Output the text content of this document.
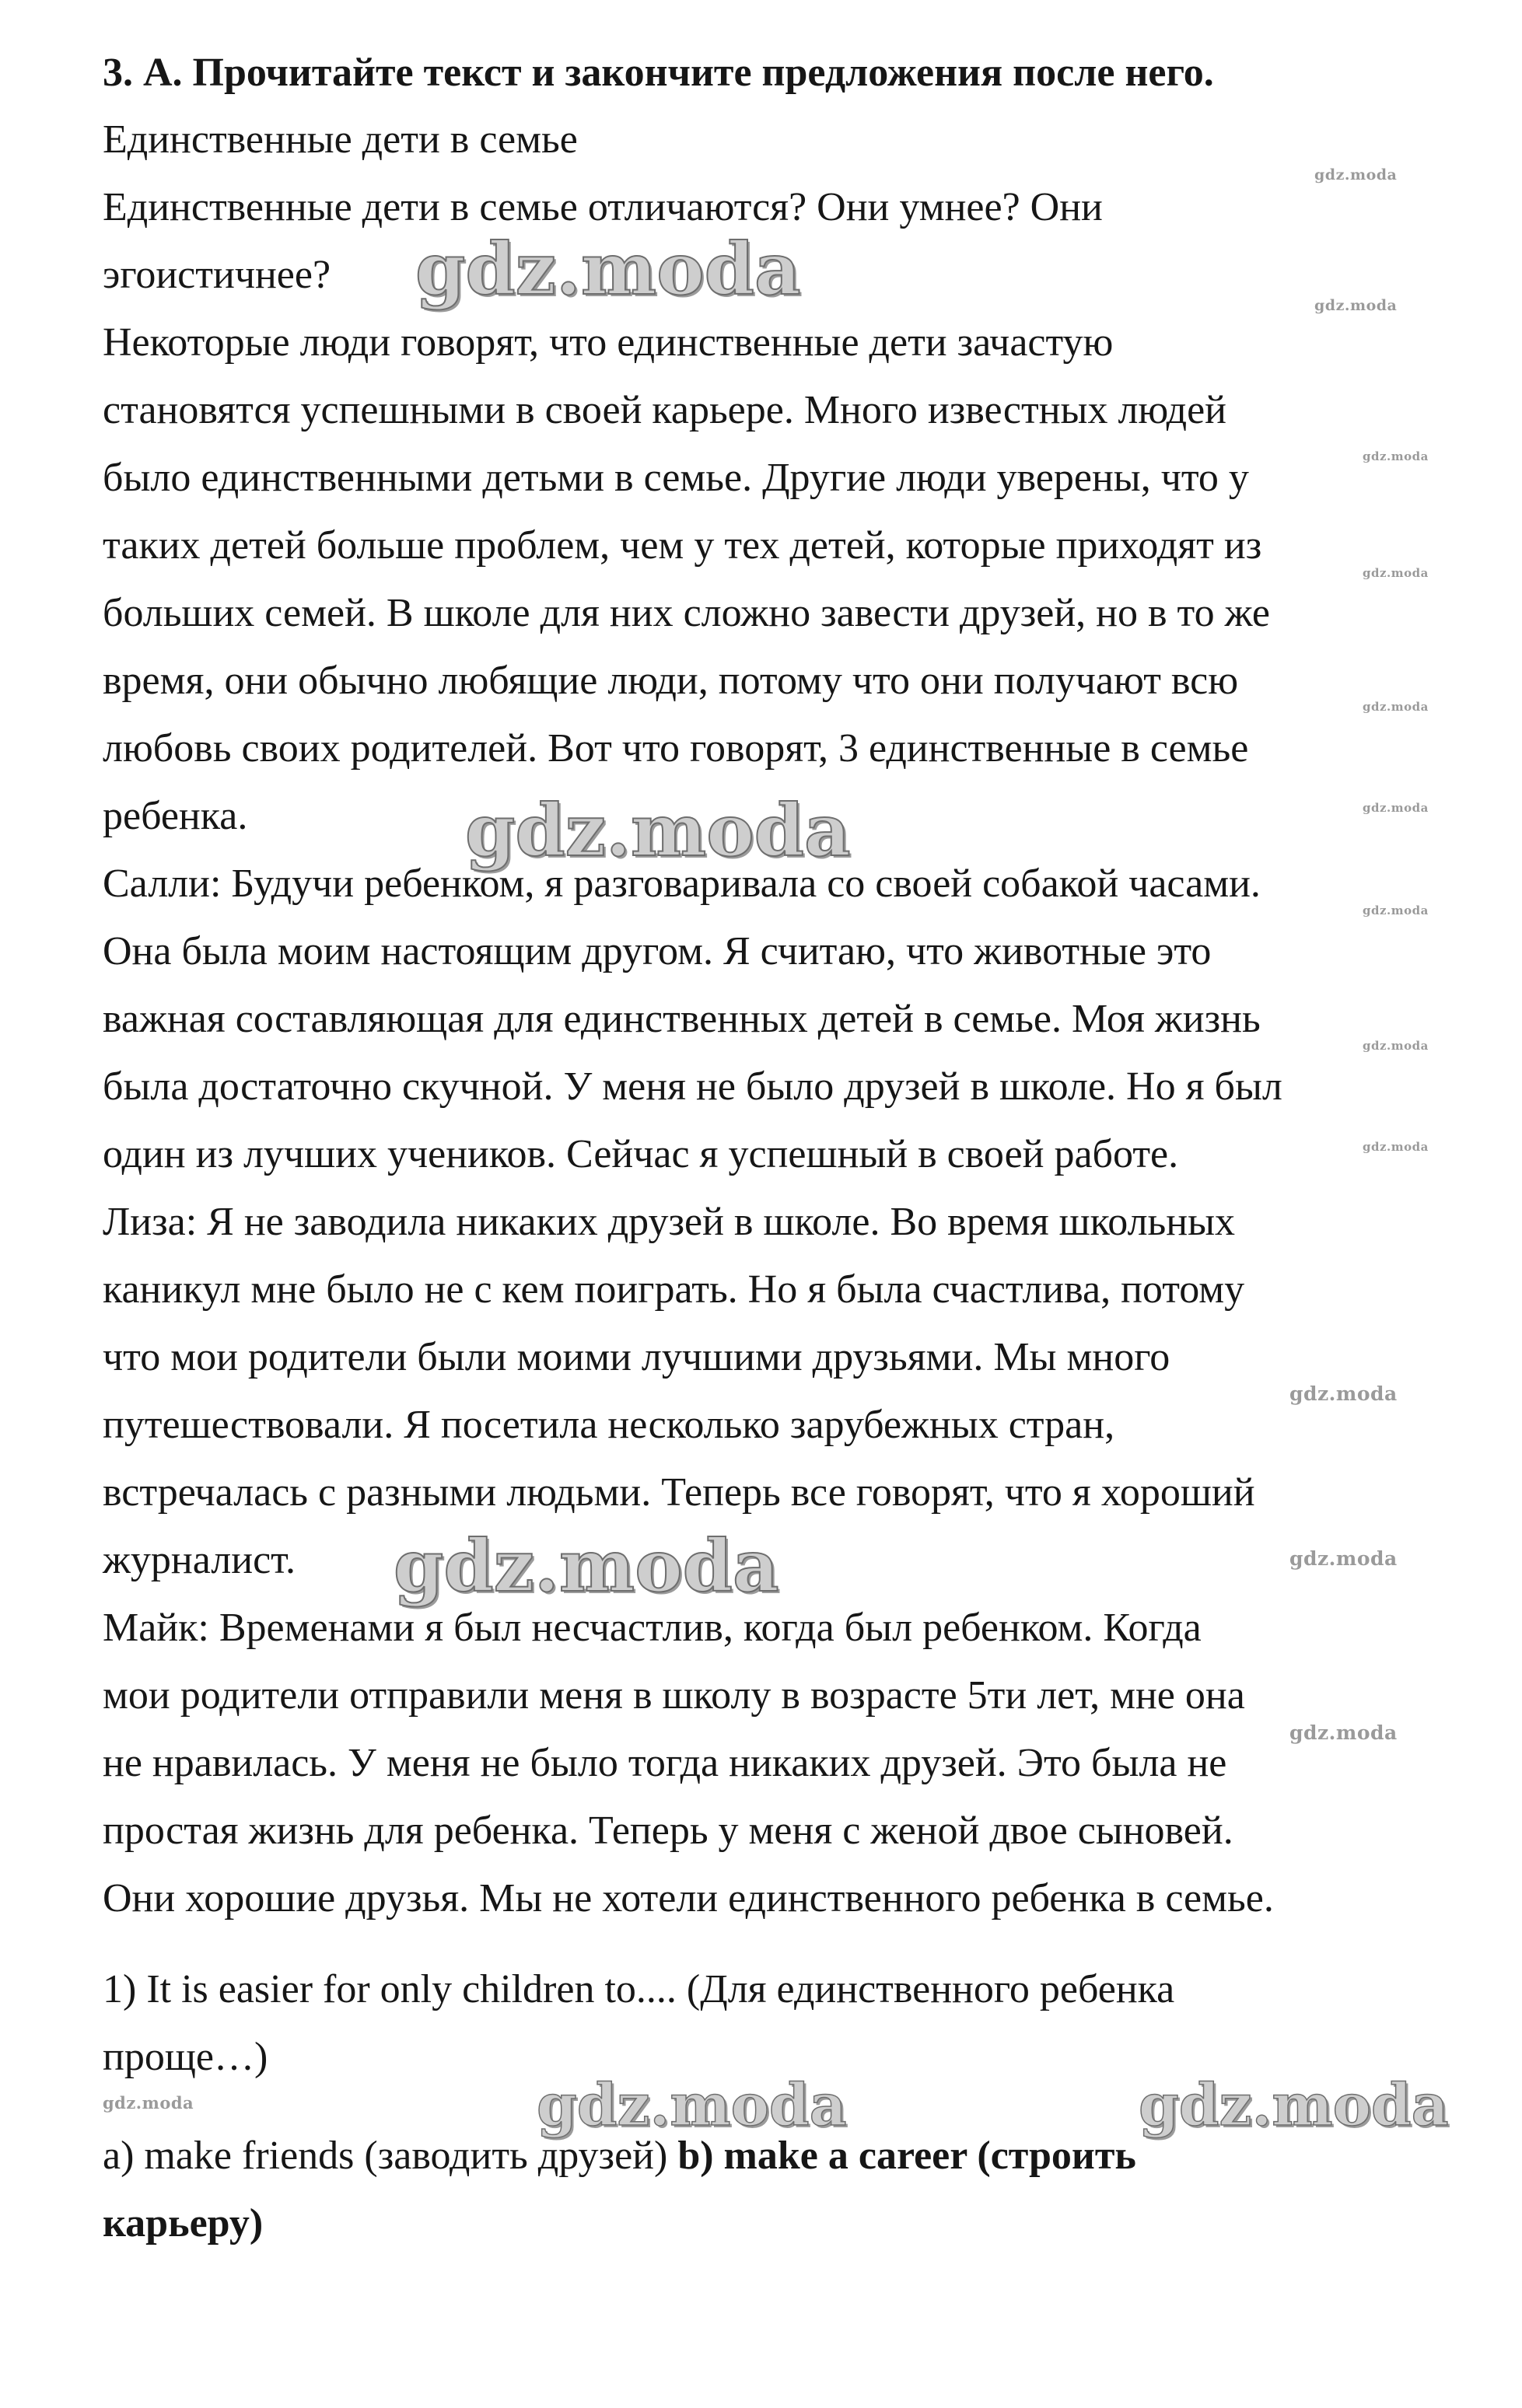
gdz.moda
gdz.moda
gdz.moda
gdz.moda
gdz.moda
gdz.moda
gdz.moda
gdz.moda
gdz.moda
gdz.moda
gdz.moda
gdz.moda
gdz.moda
gdz.moda
gdz.moda
gdz.moda
gdz.moda	gdz.moda

3. А. Прочитайте текст и закончите предложения после него.

Единственные дети в семье

Единственные дети в семье отличаются? Они умнее? Они

эгоистичнее?

Некоторые люди говорят, что единственные дети зачастую

становятся успешными в своей карьере. Много известных людей

было единственными детьми в семье. Другие люди уверены, что у

таких детей больше проблем, чем у тех детей, которые приходят из

больших семей. В школе для них сложно завести друзей, но в то же

время, они обычно любящие люди, потому что они получают всю

любовь своих родителей. Вот что говорят, 3 единственные в семье

ребенка.

Салли: Будучи ребенком, я разговаривала со своей собакой часами.

Она была моим настоящим другом. Я считаю, что животные это

важная составляющая для единственных детей в семье. Моя жизнь

была достаточно скучной. У меня не было друзей в школе. Но я был

один из лучших учеников. Сейчас я успешный в своей работе.

Лиза: Я не заводила никаких друзей в школе. Во время школьных

каникул мне было не с кем поиграть. Но я была счастлива, потому

что мои родители были моими лучшими друзьями. Мы много

путешествовали. Я посетила несколько зарубежных стран,

встречалась с разными людьми. Теперь все говорят, что я хороший

журналист.

Майк: Временами я был несчастлив, когда был ребенком. Когда

мои родители отправили меня в школу в возрасте 5ти лет, мне она

не нравилась. У меня не было тогда никаких друзей. Это была не

простая жизнь для ребенка. Теперь у меня с женой двое сыновей.

Они хорошие друзья. Мы не хотели единственного ребенка в семье.

1) It is easier for only children to.... (Для единственного ребенка

проще…)

a) make friends (заводить друзей) b) make a career (строить

карьеру)
